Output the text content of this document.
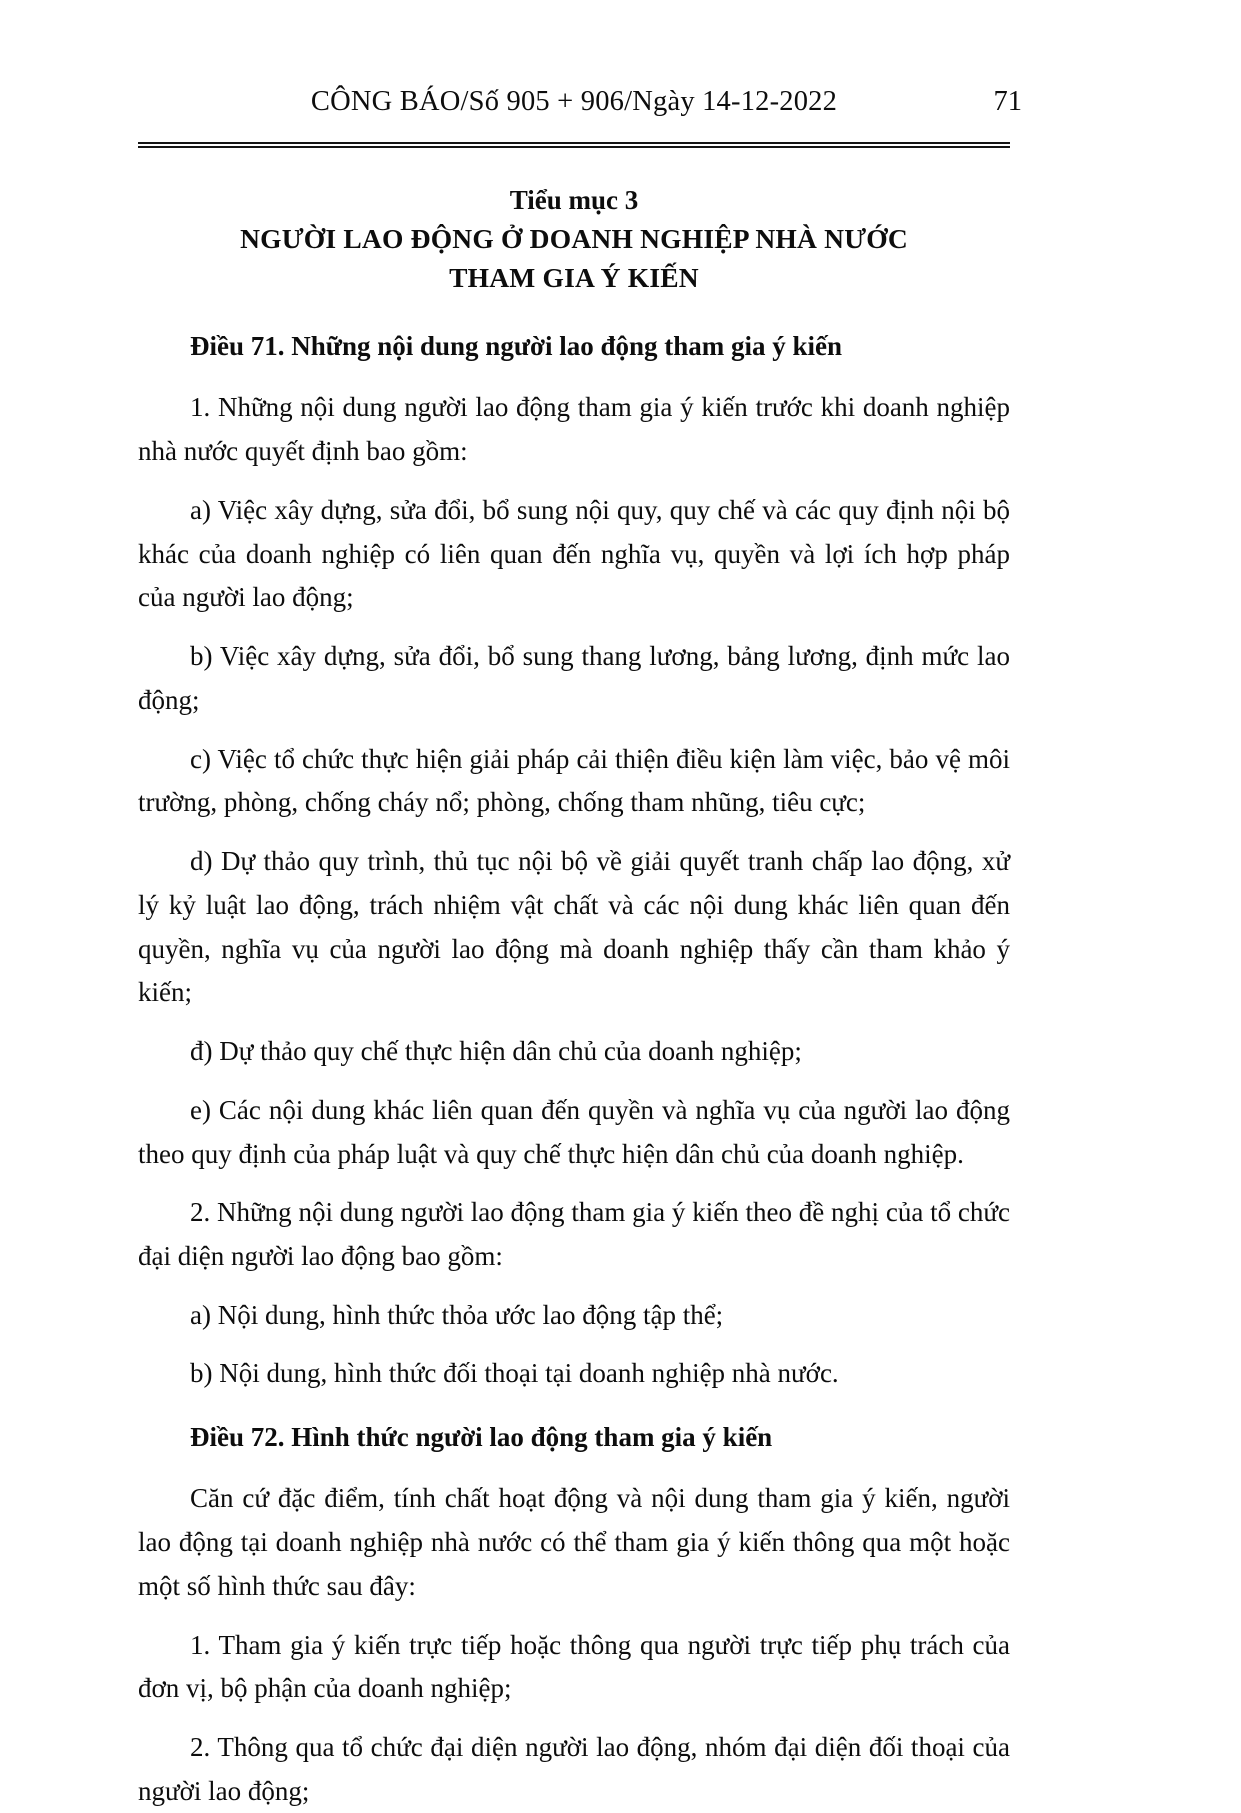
CÔNG BÁO/Số 905 + 906/Ngày 14-12-2022	71
Tiểu mục 3
NGƯỜI LAO ĐỘNG Ở DOANH NGHIỆP NHÀ NƯỚC
THAM GIA Ý KIẾN
Điều 71. Những nội dung người lao động tham gia ý kiến

1. Những nội dung người lao động tham gia ý kiến trước khi doanh nghiệp nhà nước quyết định bao gồm:

a) Việc xây dựng, sửa đổi, bổ sung nội quy, quy chế và các quy định nội bộ khác của doanh nghiệp có liên quan đến nghĩa vụ, quyền và lợi ích hợp pháp của người lao động;

b) Việc xây dựng, sửa đổi, bổ sung thang lương, bảng lương, định mức lao động;

c) Việc tổ chức thực hiện giải pháp cải thiện điều kiện làm việc, bảo vệ môi trường, phòng, chống cháy nổ; phòng, chống tham nhũng, tiêu cực;

d) Dự thảo quy trình, thủ tục nội bộ về giải quyết tranh chấp lao động, xử lý kỷ luật lao động, trách nhiệm vật chất và các nội dung khác liên quan đến quyền, nghĩa vụ của người lao động mà doanh nghiệp thấy cần tham khảo ý kiến;

đ) Dự thảo quy chế thực hiện dân chủ của doanh nghiệp;

e) Các nội dung khác liên quan đến quyền và nghĩa vụ của người lao động theo quy định của pháp luật và quy chế thực hiện dân chủ của doanh nghiệp.

2. Những nội dung người lao động tham gia ý kiến theo đề nghị của tổ chức đại diện người lao động bao gồm:

a) Nội dung, hình thức thỏa ước lao động tập thể;

b) Nội dung, hình thức đối thoại tại doanh nghiệp nhà nước.

Điều 72. Hình thức người lao động tham gia ý kiến

Căn cứ đặc điểm, tính chất hoạt động và nội dung tham gia ý kiến, người lao động tại doanh nghiệp nhà nước có thể tham gia ý kiến thông qua một hoặc một số hình thức sau đây:

1. Tham gia ý kiến trực tiếp hoặc thông qua người trực tiếp phụ trách của đơn vị, bộ phận của doanh nghiệp;

2. Thông qua tổ chức đại diện người lao động, nhóm đại diện đối thoại của người lao động;
